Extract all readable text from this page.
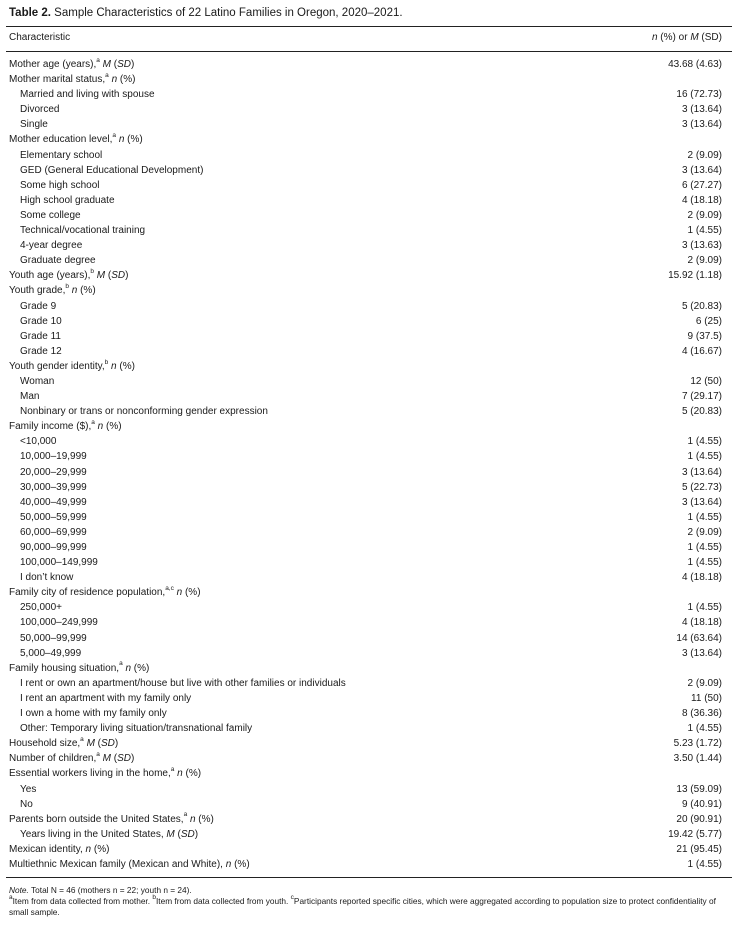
Table 2. Sample Characteristics of 22 Latino Families in Oregon, 2020–2021.
Characteristic	n (%) or M (SD)
Mother age (years),$^a$ M (SD)	43.68 (4.63)
Mother marital status,$^a$ n (%)
Married and living with spouse	16 (72.73)
Divorced	3 (13.64)
Single	3 (13.64)
Mother education level,$^a$ n (%)
Elementary school	2 (9.09)
GED (General Educational Development)	3 (13.64)
Some high school	6 (27.27)
High school graduate	4 (18.18)
Some college	2 (9.09)
Technical/vocational training	1 (4.55)
4-year degree	3 (13.63)
Graduate degree	2 (9.09)
Youth age (years),$^b$ M (SD)	15.92 (1.18)
Youth grade,$^b$ n (%)
Grade 9	5 (20.83)
Grade 10	6 (25)
Grade 11	9 (37.5)
Grade 12	4 (16.67)
Youth gender identity,$^b$ n (%)
Woman	12 (50)
Man	7 (29.17)
Nonbinary or trans or nonconforming gender expression	5 (20.83)
Family income ($),$^a$ n (%)
<10,000	1 (4.55)
10,000–19,999	1 (4.55)
20,000–29,999	3 (13.64)
30,000–39,999	5 (22.73)
40,000–49,999	3 (13.64)
50,000–59,999	1 (4.55)
60,000–69,999	2 (9.09)
90,000–99,999	1 (4.55)
100,000–149,999	1 (4.55)
I don’t know	4 (18.18)
Family city of residence population,$^{a,c}$ n (%)
250,000+	1 (4.55)
100,000–249,999	4 (18.18)
50,000–99,999	14 (63.64)
5,000–49,999	3 (13.64)
Family housing situation,$^a$ n (%)
I rent or own an apartment/house but live with other families or individuals	2 (9.09)
I rent an apartment with my family only	11 (50)
I own a home with my family only	8 (36.36)
Other: Temporary living situation/transnational family	1 (4.55)
Household size,$^a$ M (SD)	5.23 (1.72)
Number of children,$^a$ M (SD)	3.50 (1.44)
Essential workers living in the home,$^a$ n (%)
Yes	13 (59.09)
No	9 (40.91)
Parents born outside the United States,$^a$ n (%)	20 (90.91)
Years living in the United States, M (SD)	19.42 (5.77)
Mexican identity, n (%)	21 (95.45)
Multiethnic Mexican family (Mexican and White), n (%)	1 (4.55)
Note. Total N = 46 (mothers n = 22; youth n = 24).
$^a$Item from data collected from mother. $^b$Item from data collected from youth. $^c$Participants reported specific cities, which were aggregated according to population size to protect confidentiality of small sample.
